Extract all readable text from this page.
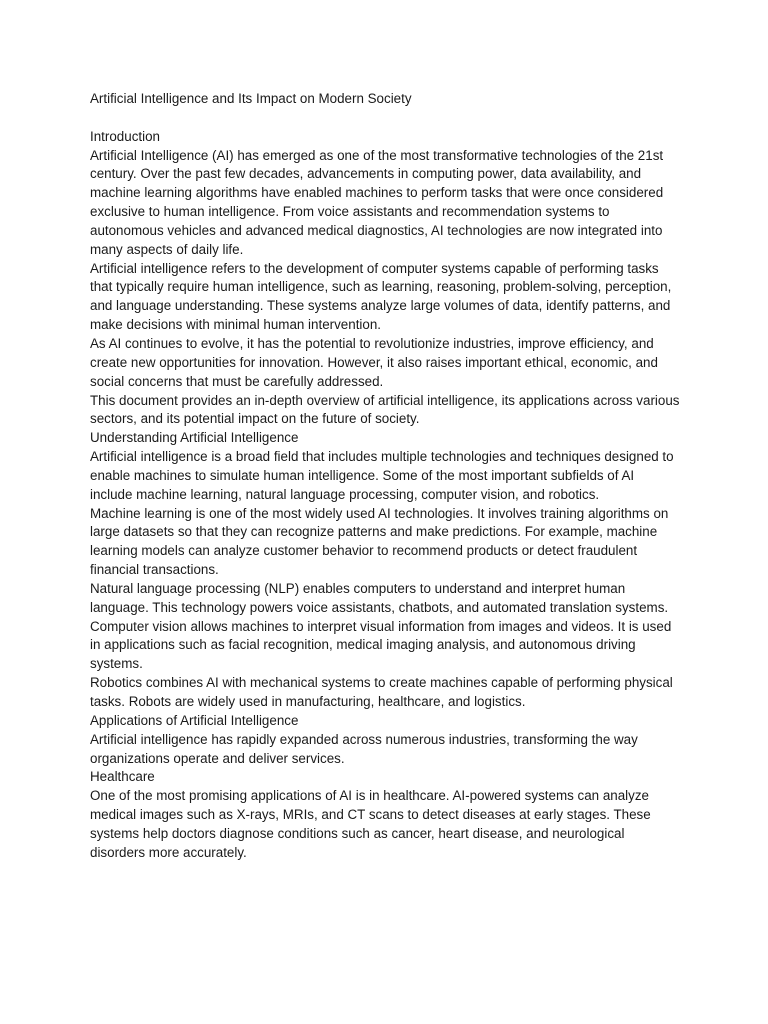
Artificial Intelligence and Its Impact on Modern Society

Introduction

Artificial Intelligence (AI) has emerged as one of the most transformative technologies of the 21st century. Over the past few decades, advancements in computing power, data availability, and machine learning algorithms have enabled machines to perform tasks that were once considered exclusive to human intelligence. From voice assistants and recommendation systems to autonomous vehicles and advanced medical diagnostics, AI technologies are now integrated into many aspects of daily life.

Artificial intelligence refers to the development of computer systems capable of performing tasks that typically require human intelligence, such as learning, reasoning, problem-solving, perception, and language understanding. These systems analyze large volumes of data, identify patterns, and make decisions with minimal human intervention.

As AI continues to evolve, it has the potential to revolutionize industries, improve efficiency, and create new opportunities for innovation. However, it also raises important ethical, economic, and social concerns that must be carefully addressed.

This document provides an in-depth overview of artificial intelligence, its applications across various sectors, and its potential impact on the future of society.

Understanding Artificial Intelligence

Artificial intelligence is a broad field that includes multiple technologies and techniques designed to enable machines to simulate human intelligence. Some of the most important subfields of AI include machine learning, natural language processing, computer vision, and robotics.

Machine learning is one of the most widely used AI technologies. It involves training algorithms on large datasets so that they can recognize patterns and make predictions. For example, machine learning models can analyze customer behavior to recommend products or detect fraudulent financial transactions.

Natural language processing (NLP) enables computers to understand and interpret human language. This technology powers voice assistants, chatbots, and automated translation systems.

Computer vision allows machines to interpret visual information from images and videos. It is used in applications such as facial recognition, medical imaging analysis, and autonomous driving systems.

Robotics combines AI with mechanical systems to create machines capable of performing physical tasks. Robots are widely used in manufacturing, healthcare, and logistics.

Applications of Artificial Intelligence

Artificial intelligence has rapidly expanded across numerous industries, transforming the way organizations operate and deliver services.

Healthcare

One of the most promising applications of AI is in healthcare. AI-powered systems can analyze medical images such as X-rays, MRIs, and CT scans to detect diseases at early stages. These systems help doctors diagnose conditions such as cancer, heart disease, and neurological disorders more accurately.
